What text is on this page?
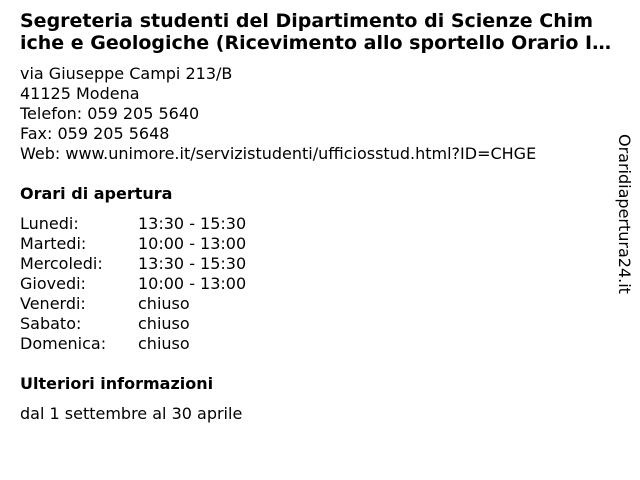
Segreteria studenti del Dipartimento di Scienze Chim
iche e Geologiche (Ricevimento allo sportello Orario I…
via Giuseppe Campi 213/B
41125 Modena
Telefon: 059 205 5640
Fax: 059 205 5648
Web: www.unimore.it/servizistudenti/ufficiosstud.html?ID=CHGE
Orari di apertura
Lunedi:	13:30 - 15:30
Martedi:	10:00 - 13:00
Mercoledi: 13:30 - 15:30
Giovedi:	10:00 - 13:00
Venerdi:	chiuso
Sabato:	chiuso
Domenica: chiuso
Ulteriori informazioni
dal 1 settembre al 30 aprile
Oraridiapertura24.it
